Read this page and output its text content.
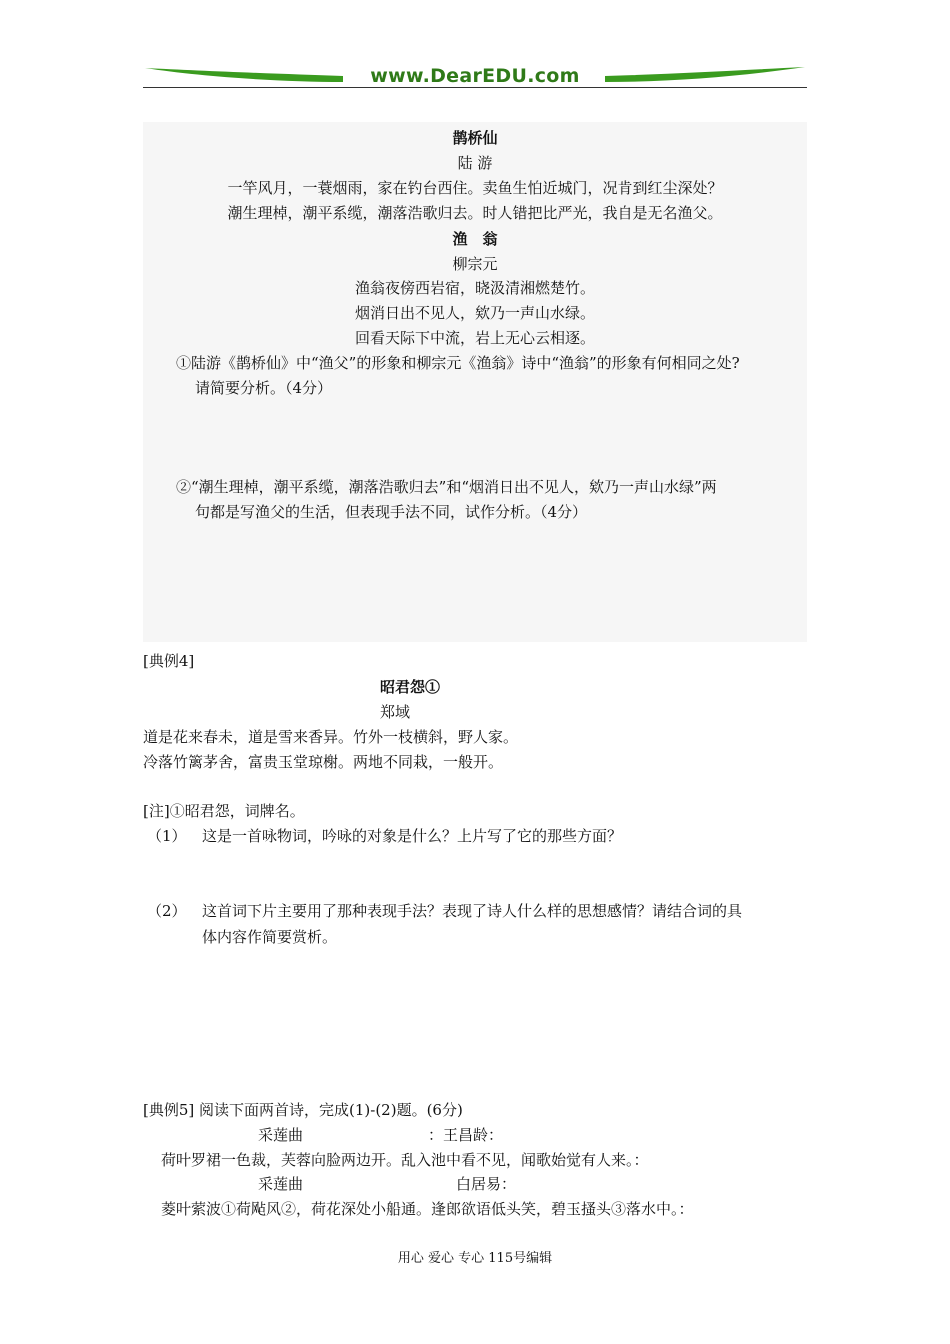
www.DearEDU.com
鹊桥仙
陆 游
一竿风月，一蓑烟雨，家在钓台西住。卖鱼生怕近城门，况肯到红尘深处？
潮生理棹，潮平系缆，潮落浩歌归去。时人错把比严光，我自是无名渔父。
渔　翁
柳宗元
渔翁夜傍西岩宿，晓汲清湘燃楚竹。
烟消日出不见人，欸乃一声山水绿。
回看天际下中流，岩上无心云相逐。
①陆游《鹊桥仙》中“渔父”的形象和柳宗元《渔翁》诗中“渔翁”的形象有何相同之处?
请简要分析。（4分）
②“潮生理棹，潮平系缆，潮落浩歌归去”和“烟消日出不见人，欸乃一声山水绿”两
句都是写渔父的生活，但表现手法不同，试作分析。（4分）
[典例4]
昭君怨①
郑域
道是花来春未，道是雪来香异。竹外一枝横斜，野人家。
冷落竹篱茅舍，富贵玉堂琼榭。两地不同栽，一般开。
[注]①昭君怨，词牌名。
（1） 这是一首咏物词，吟咏的对象是什么？上片写了它的那些方面？
（2） 这首词下片主要用了那种表现手法？表现了诗人什么样的思想感情？请结合词的具
体内容作简要赏析。
[典例5] 阅读下面两首诗，完成(1)-(2)题。(6分)
采莲曲	：王昌龄：
荷叶罗裙一色裁，芙蓉向脸两边开。乱入池中看不见，闻歌始觉有人来。：
采莲曲	白居易：
菱叶萦波①荷飐风②，荷花深处小船通。逢郎欲语低头笑，碧玉搔头③落水中。：
用心 爱心 专心 115号编辑
